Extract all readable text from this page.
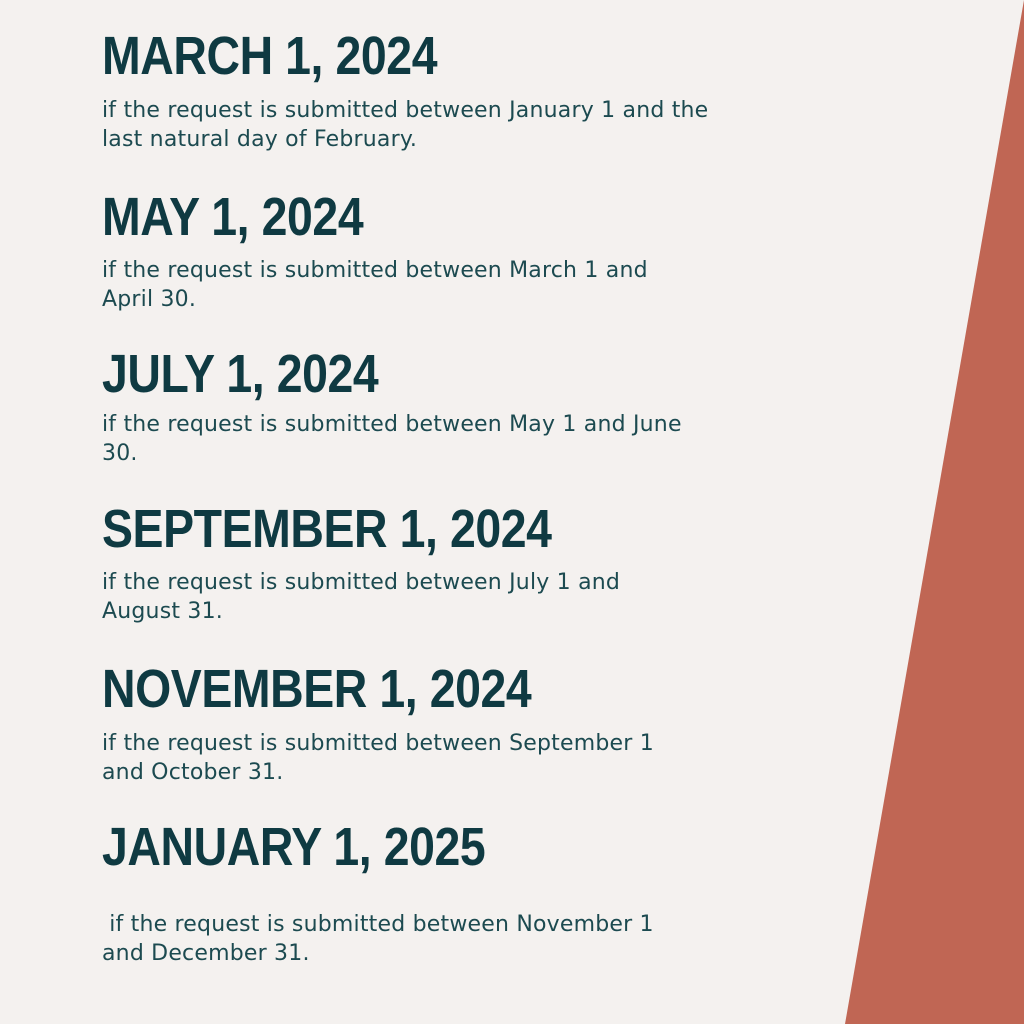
MARCH 1, 2024

if the request is submitted between January 1 and the
last natural day of February.

MAY 1, 2024

if the request is submitted between March 1 and
April 30.

JULY 1, 2024

if the request is submitted between May 1 and June
30.

SEPTEMBER 1, 2024

if the request is submitted between July 1 and
August 31.

NOVEMBER 1, 2024

if the request is submitted between September 1
and October 31.

JANUARY 1, 2025

if the request is submitted between November 1
and December 31.
